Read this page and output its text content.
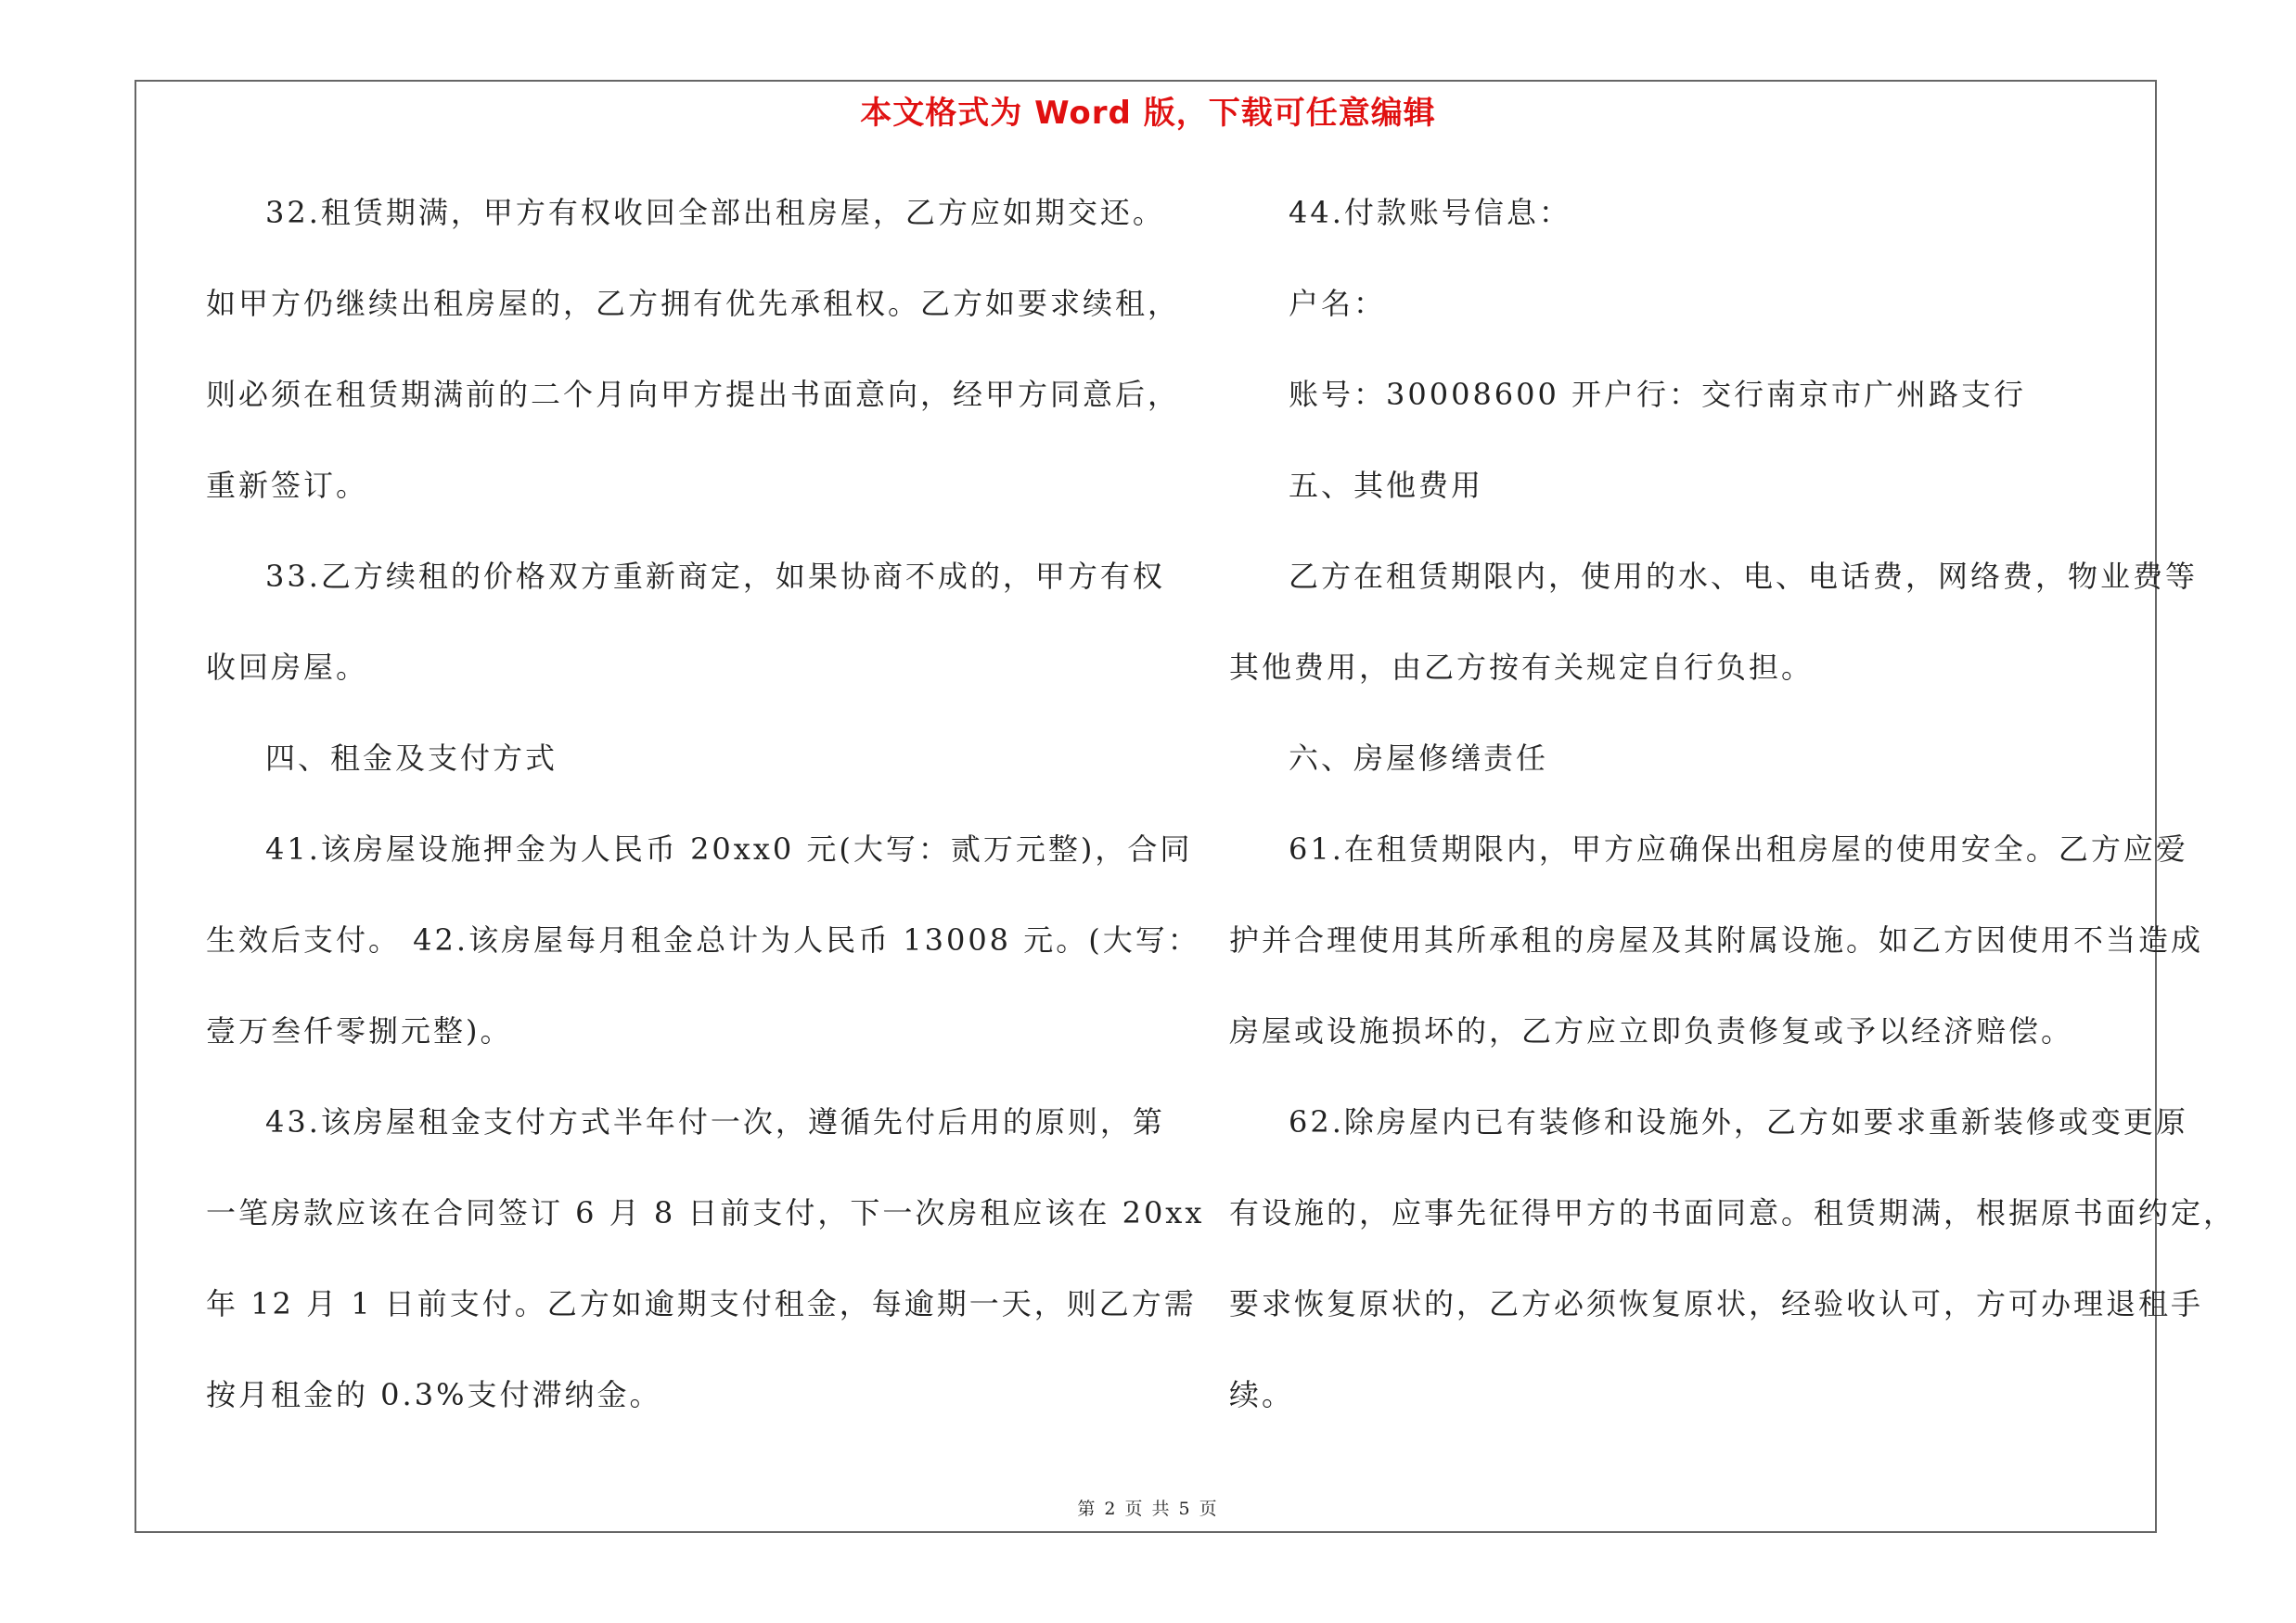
本文格式为 Word 版，下载可任意编辑
32.租赁期满，甲方有权收回全部出租房屋，乙方应如期交还。
如甲方仍继续出租房屋的，乙方拥有优先承租权。乙方如要求续租，
则必须在租赁期满前的二个月向甲方提出书面意向，经甲方同意后，
重新签订。
33.乙方续租的价格双方重新商定，如果协商不成的，甲方有权
收回房屋。
四、租金及支付方式
41.该房屋设施押金为人民币 20xx0 元(大写：贰万元整)，合同
生效后支付。 42.该房屋每月租金总计为人民币 13008 元。(大写：
壹万叁仟零捌元整)。
43.该房屋租金支付方式半年付一次，遵循先付后用的原则，第
一笔房款应该在合同签订 6 月 8 日前支付，下一次房租应该在 20xx
年 12 月 1 日前支付。乙方如逾期支付租金，每逾期一天，则乙方需
按月租金的 0.3%支付滞纳金。
44.付款账号信息：
户名：
账号：30008600 开户行：交行南京市广州路支行
五、其他费用
乙方在租赁期限内，使用的水、电、电话费，网络费，物业费等
其他费用，由乙方按有关规定自行负担。
六、房屋修缮责任
61.在租赁期限内，甲方应确保出租房屋的使用安全。乙方应爱
护并合理使用其所承租的房屋及其附属设施。如乙方因使用不当造成
房屋或设施损坏的，乙方应立即负责修复或予以经济赔偿。
62.除房屋内已有装修和设施外，乙方如要求重新装修或变更原
有设施的，应事先征得甲方的书面同意。租赁期满，根据原书面约定，
要求恢复原状的，乙方必须恢复原状，经验收认可，方可办理退租手
续。
第 2 页 共 5 页
